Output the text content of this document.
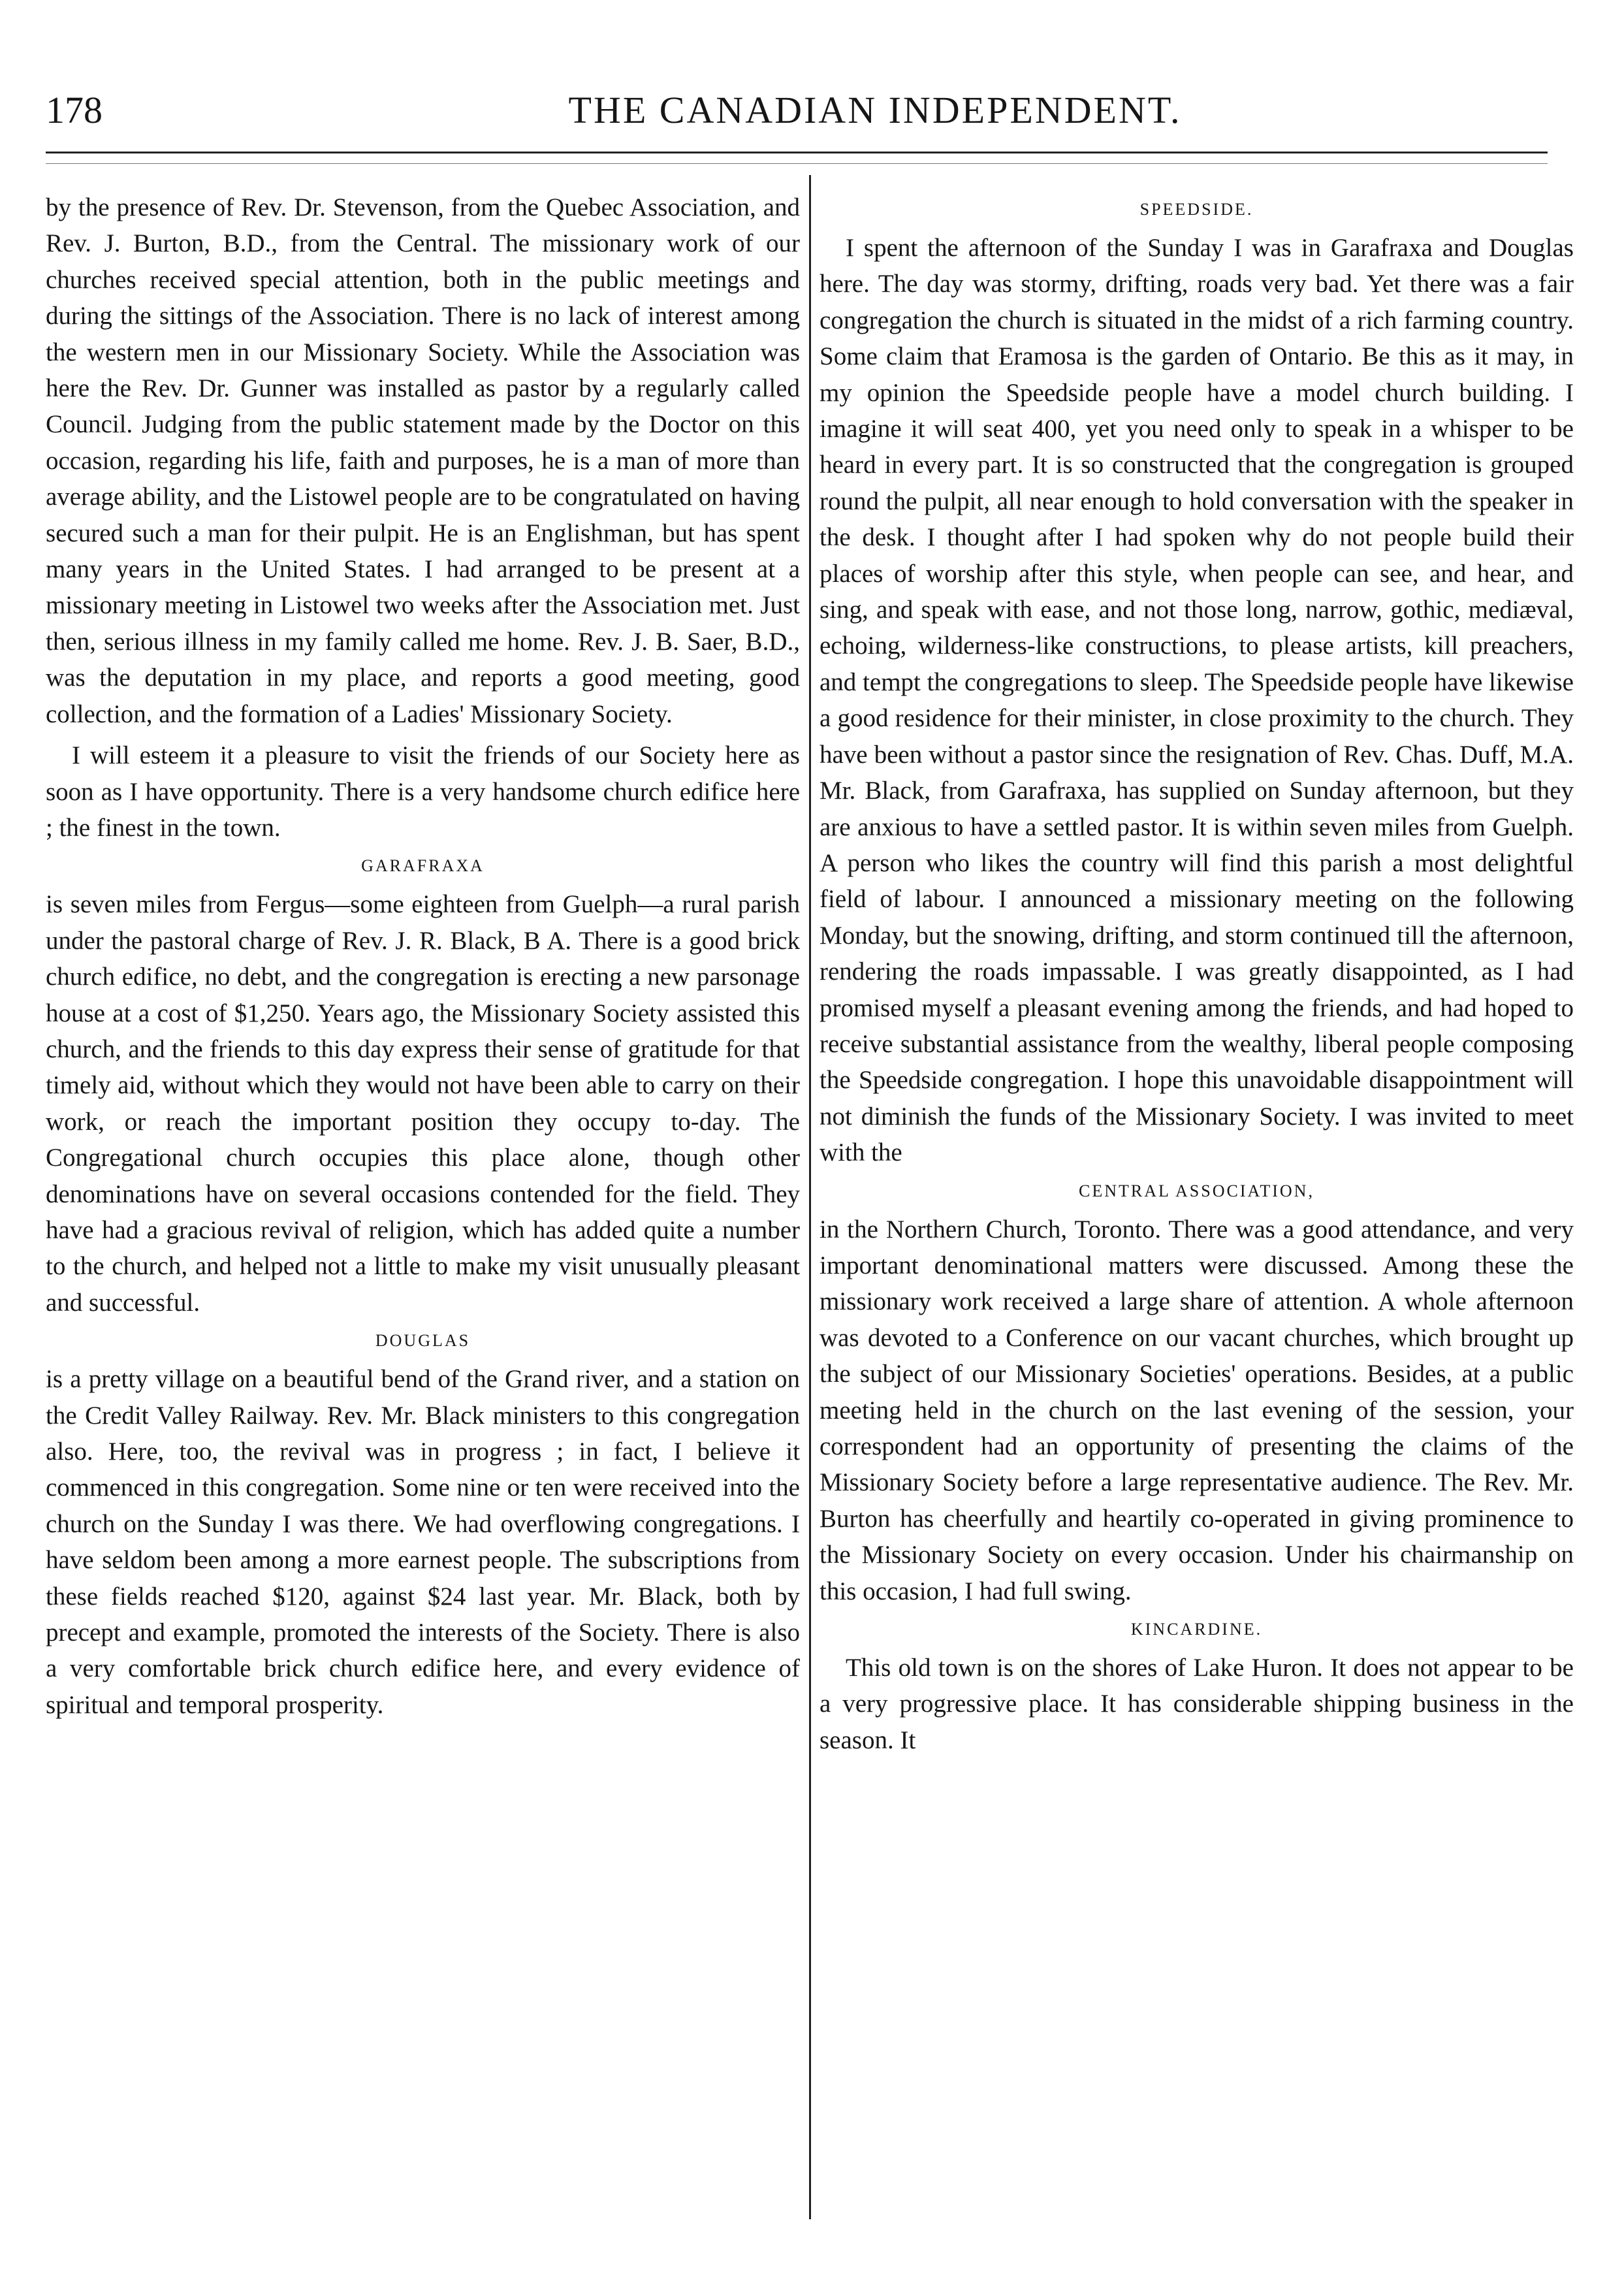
178	THE CANADIAN INDEPENDENT.

by the presence of Rev. Dr. Stevenson, from the Quebec Association, and Rev. J. Burton, B.D., from the Central. The missionary work of our churches received special attention, both in the public meetings and during the sittings of the Association. There is no lack of interest among the western men in our Missionary Society. While the Association was here the Rev. Dr. Gunner was installed as pastor by a regularly called Council. Judging from the public statement made by the Doctor on this occasion, regarding his life, faith and purposes, he is a man of more than average ability, and the Listowel people are to be congratulated on having secured such a man for their pulpit. He is an Englishman, but has spent many years in the United States. I had arranged to be present at a missionary meeting in Listowel two weeks after the Association met. Just then, serious illness in my family called me home. Rev. J. B. Saer, B.D., was the deputation in my place, and reports a good meeting, good collection, and the formation of a Ladies' Missionary Society.

I will esteem it a pleasure to visit the friends of our Society here as soon as I have opportunity. There is a very handsome church edifice here ; the finest in the town.

GARAFRAXA

is seven miles from Fergus—some eighteen from Guelph—a rural parish under the pastoral charge of Rev. J. R. Black, B A. There is a good brick church edifice, no debt, and the congregation is erecting a new parsonage house at a cost of $1,250. Years ago, the Missionary Society assisted this church, and the friends to this day express their sense of gratitude for that timely aid, without which they would not have been able to carry on their work, or reach the important position they occupy to-day. The Congregational church occupies this place alone, though other denominations have on several occasions contended for the field. They have had a gracious revival of religion, which has added quite a number to the church, and helped not a little to make my visit unusually pleasant and successful.

DOUGLAS

is a pretty village on a beautiful bend of the Grand river, and a station on the Credit Valley Railway. Rev. Mr. Black ministers to this congregation also. Here, too, the revival was in progress ; in fact, I believe it commenced in this congregation. Some nine or ten were received into the church on the Sunday I was there. We had overflowing congregations. I have seldom been among a more earnest people. The subscriptions from these fields reached $120, against $24 last year. Mr. Black, both by precept and example, promoted the interests of the Society. There is also a very comfortable brick church edifice here, and every evidence of spiritual and temporal prosperity.

SPEEDSIDE.

I spent the afternoon of the Sunday I was in Garafraxa and Douglas here. The day was stormy, drifting, roads very bad. Yet there was a fair congregation the church is situated in the midst of a rich farming country. Some claim that Eramosa is the garden of Ontario. Be this as it may, in my opinion the Speedside people have a model church building. I imagine it will seat 400, yet you need only to speak in a whisper to be heard in every part. It is so constructed that the congregation is grouped round the pulpit, all near enough to hold conversation with the speaker in the desk. I thought after I had spoken why do not people build their places of worship after this style, when people can see, and hear, and sing, and speak with ease, and not those long, narrow, gothic, mediæval, echoing, wilderness-like constructions, to please artists, kill preachers, and tempt the congregations to sleep. The Speedside people have likewise a good residence for their minister, in close proximity to the church. They have been without a pastor since the resignation of Rev. Chas. Duff, M.A. Mr. Black, from Garafraxa, has supplied on Sunday afternoon, but they are anxious to have a settled pastor. It is within seven miles from Guelph. A person who likes the country will find this parish a most delightful field of labour. I announced a missionary meeting on the following Monday, but the snowing, drifting, and storm continued till the afternoon, rendering the roads impassable. I was greatly disappointed, as I had promised myself a pleasant evening among the friends, and had hoped to receive substantial assistance from the wealthy, liberal people composing the Speedside congregation. I hope this unavoidable disappointment will not diminish the funds of the Missionary Society. I was invited to meet with the

CENTRAL ASSOCIATION,

in the Northern Church, Toronto. There was a good attendance, and very important denominational matters were discussed. Among these the missionary work received a large share of attention. A whole afternoon was devoted to a Conference on our vacant churches, which brought up the subject of our Missionary Societies' operations. Besides, at a public meeting held in the church on the last evening of the session, your correspondent had an opportunity of presenting the claims of the Missionary Society before a large representative audience. The Rev. Mr. Burton has cheerfully and heartily co-operated in giving prominence to the Missionary Society on every occasion. Under his chairmanship on this occasion, I had full swing.

KINCARDINE.

This old town is on the shores of Lake Huron. It does not appear to be a very progressive place. It has considerable shipping business in the season. It
